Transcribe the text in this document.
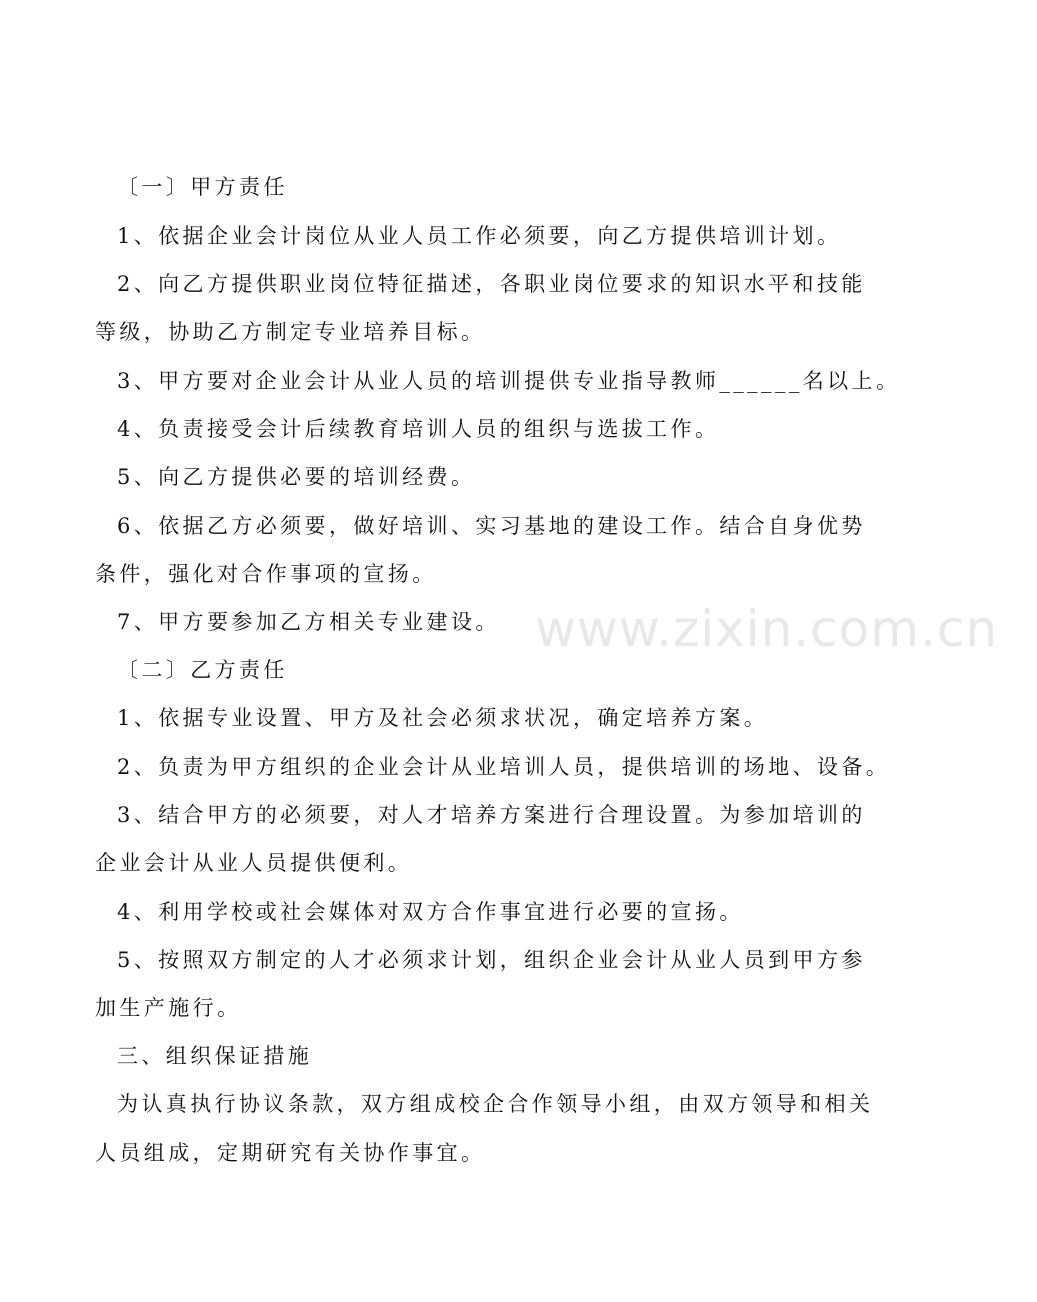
〔一〕甲方责任
1、依据企业会计岗位从业人员工作必须要，向乙方提供培训计划。
2、向乙方提供职业岗位特征描述，各职业岗位要求的知识水平和技能
等级，协助乙方制定专业培养目标。
3、甲方要对企业会计从业人员的培训提供专业指导教师______名以上。
4、负责接受会计后续教育培训人员的组织与选拔工作。
5、向乙方提供必要的培训经费。
6、依据乙方必须要，做好培训、实习基地的建设工作。结合自身优势
条件，强化对合作事项的宣扬。
7、甲方要参加乙方相关专业建设。
〔二〕乙方责任
1、依据专业设置、甲方及社会必须求状况，确定培养方案。
2、负责为甲方组织的企业会计从业培训人员，提供培训的场地、设备。
3、结合甲方的必须要，对人才培养方案进行合理设置。为参加培训的
企业会计从业人员提供便利。
4、利用学校或社会媒体对双方合作事宜进行必要的宣扬。
5、按照双方制定的人才必须求计划，组织企业会计从业人员到甲方参
加生产施行。
三、组织保证措施
为认真执行协议条款，双方组成校企合作领导小组，由双方领导和相关
人员组成，定期研究有关协作事宜。
www.zixin.com.cn
